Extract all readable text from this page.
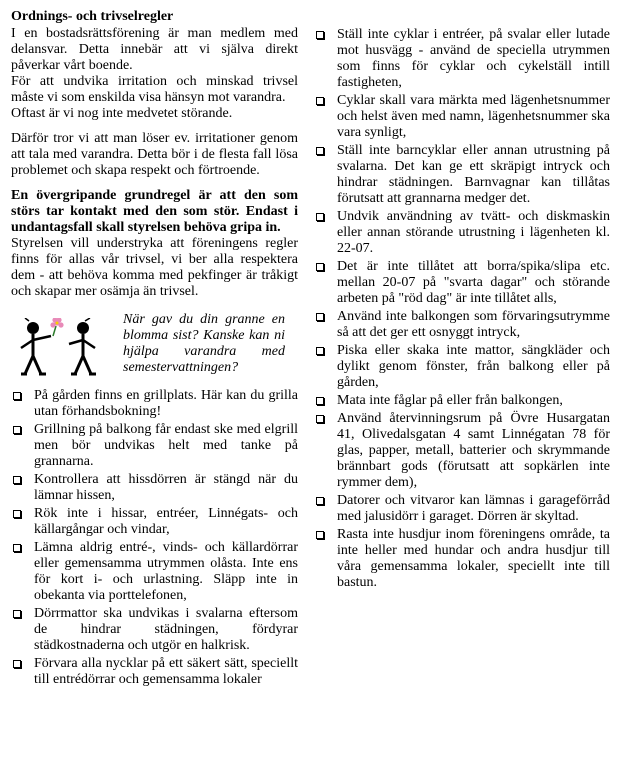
Ordnings- och trivselregler

I en bostadsrättsförening är man medlem med delansvar. Detta innebär att vi själva direkt påverkar vårt boende.

För att undvika irritation och minskad trivsel måste vi som enskilda visa hänsyn mot varandra.

Oftast är vi nog inte medvetet störande.

Därför tror vi att man löser ev. irritationer genom att tala med varandra. Detta bör i de flesta fall lösa problemet och skapa respekt och förtroende.

En övergripande grundregel är att den som störs tar kontakt med den som stör. Endast i undantagsfall skall styrelsen behöva gripa in.

Styrelsen vill understryka att föreningens regler finns för allas vår trivsel, vi ber alla respektera dem - att behöva komma med pekfinger är tråkigt och skapar mer osämja än trivsel.

När gav du din granne en blomma sist? Kanske kan ni hjälpa varandra med semestervattningen?
På gården finns en grillplats. Här kan du grilla utan förhandsbokning!
Grillning på balkong får endast ske med elgrill men bör undvikas helt med tanke på grannarna.
Kontrollera att hissdörren är stängd när du lämnar hissen,
Rök inte i hissar, entréer, Linnégats- och källargångar och vindar,
Lämna aldrig entré-, vinds- och källardörrar eller gemensamma utrymmen olåsta. Inte ens för kort i- och urlastning. Släpp inte in obekanta via porttelefonen,
Dörrmattor ska undvikas i svalarna eftersom de hindrar städningen, fördyrar städkostnaderna och utgör en halkrisk.
Förvara alla nycklar på ett säkert sätt, speciellt till entrédörrar och gemensamma lokaler
Ställ inte cyklar i entréer, på svalar eller lutade mot husvägg - använd de speciella utrymmen som finns för cyklar och cykelställ intill fastigheten,
Cyklar skall vara märkta med lägenhetsnummer och helst även med namn, lägenhetsnummer ska vara synligt,
Ställ inte barncyklar eller annan utrustning på svalarna. Det kan ge ett skräpigt intryck och hindrar städningen. Barnvagnar kan tillåtas förutsatt att grannarna medger det.
Undvik användning av tvätt- och diskmaskin eller annan störande utrustning i lägenheten kl. 22-07.
Det är inte tillåtet att borra/spika/slipa etc. mellan 20-07 på "svarta dagar" och störande arbeten på "röd dag" är inte tillåtet alls,
Använd inte balkongen som förvaringsutrymme så att det ger ett osnyggt intryck,
Piska eller skaka inte mattor, sängkläder och dylikt genom fönster, från balkong eller på gården,
Mata inte fåglar på eller från balkongen,
Använd återvinningsrum på Övre Husargatan 41, Olivedalsgatan 4 samt Linnégatan 78 för glas, papper, metall, batterier och skrymmande brännbart gods (förutsatt att sopkärlen inte rymmer dem),
Datorer och vitvaror kan lämnas i garageförråd med jalusidörr i garaget. Dörren är skyltad.
Rasta inte husdjur inom föreningens område, ta inte heller med hundar och andra husdjur till våra gemensamma lokaler, speciellt inte till bastun.
